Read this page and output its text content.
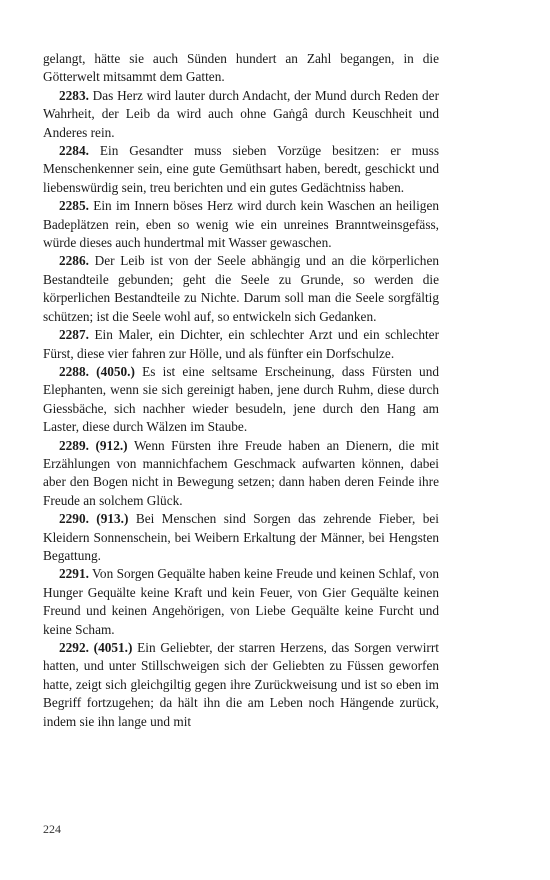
gelangt, hätte sie auch Sünden hundert an Zahl begangen, in die Götterwelt mitsammt dem Gatten.

2283. Das Herz wird lauter durch Andacht, der Mund durch Reden der Wahrheit, der Leib da wird auch ohne Gaṅgâ durch Keuschheit und Anderes rein.

2284. Ein Gesandter muss sieben Vorzüge besitzen: er muss Menschenkenner sein, eine gute Gemüthsart haben, beredt, geschickt und liebenswürdig sein, treu berichten und ein gutes Gedächtniss haben.

2285. Ein im Innern böses Herz wird durch kein Waschen an heiligen Badeplätzen rein, eben so wenig wie ein unreines Branntweinsgefäss, würde dieses auch hundertmal mit Wasser gewaschen.

2286. Der Leib ist von der Seele abhängig und an die körperlichen Bestandteile gebunden; geht die Seele zu Grunde, so werden die körperlichen Bestandteile zu Nichte. Darum soll man die Seele sorgfältig schützen; ist die Seele wohl auf, so entwickeln sich Gedanken.

2287. Ein Maler, ein Dichter, ein schlechter Arzt und ein schlechter Fürst, diese vier fahren zur Hölle, und als fünfter ein Dorfschulze.

2288. (4050.) Es ist eine seltsame Erscheinung, dass Fürsten und Elephanten, wenn sie sich gereinigt haben, jene durch Ruhm, diese durch Giessbäche, sich nachher wieder besudeln, jene durch den Hang am Laster, diese durch Wälzen im Staube.

2289. (912.) Wenn Fürsten ihre Freude haben an Dienern, die mit Erzählungen von mannichfachem Geschmack aufwarten können, dabei aber den Bogen nicht in Bewegung setzen; dann haben deren Feinde ihre Freude an solchem Glück.

2290. (913.) Bei Menschen sind Sorgen das zehrende Fieber, bei Kleidern Sonnenschein, bei Weibern Erkaltung der Männer, bei Hengsten Begattung.

2291. Von Sorgen Gequälte haben keine Freude und keinen Schlaf, von Hunger Gequälte keine Kraft und kein Feuer, von Gier Gequälte keinen Freund und keinen Angehörigen, von Liebe Gequälte keine Furcht und keine Scham.

2292. (4051.) Ein Geliebter, der starren Herzens, das Sorgen verwirrt hatten, und unter Stillschweigen sich der Geliebten zu Füssen geworfen hatte, zeigt sich gleichgiltig gegen ihre Zurückweisung und ist so eben im Begriff fortzugehen; da hält ihn die am Leben noch Hängende zurück, indem sie ihn lange und mit

224
